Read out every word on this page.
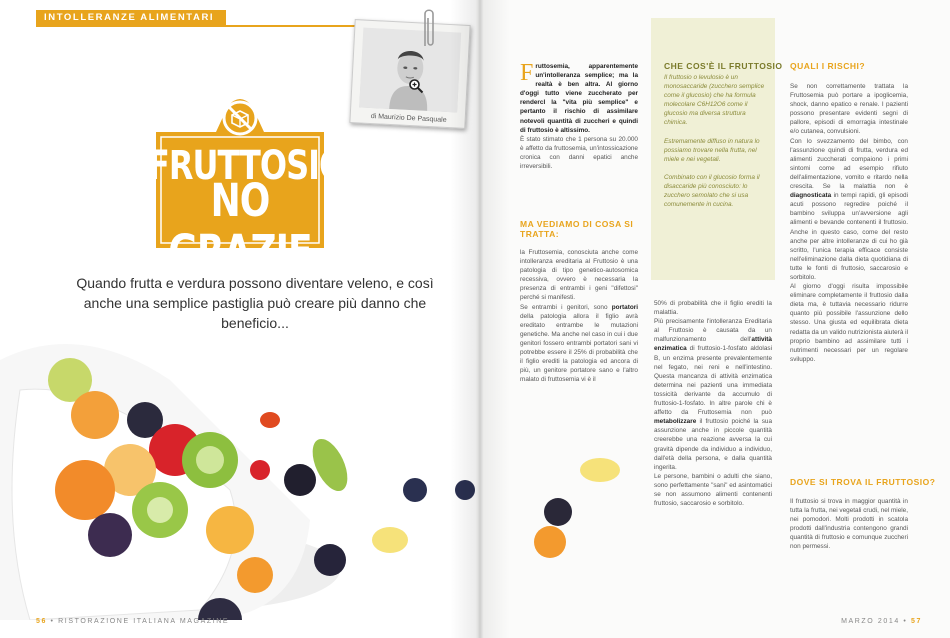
INTOLLERANZE ALIMENTARI
di Maurizio De Pasquale
FRUTTOSIO
NO GRAZIE
Quando frutta e verdura possono diventare veleno, e così anche una semplice pastiglia può creare più danno che beneficio...
56 • RISTORAZIONE ITALIANA MAGAZINE

Fruttosemia, apparentemente un'intolleranza semplice; ma la realtà è ben altra. Al giorno d'oggi tutto viene zuccherato per rendercI la "vita più semplice" e pertanto il rischio di assimilare notevoli quantità di zuccheri e quindi di fruttosio è altissimo.

È stato stimato che 1 persona su 20.000 è affetto da fruttosemia, un'intossicazione cronica con danni epatici anche irreversibili.

MA VEDIAMO DI COSA SI TRATTA:

la Fruttosemia, conosciuta anche come intolleranza ereditaria al Fruttosio è una patologia di tipo genetico-autosomica recessiva, ovvero è necessaria la presenza di entrambi i geni "difettosi" perché si manifesti.

Se entrambi i genitori, sono portatori della patologia allora il figlio avrà ereditato entrambe le mutazioni genetiche. Ma anche nel caso in cui i due genitori fossero entrambi portatori sani vi potrebbe essere il 25% di probabilità che il figlio erediti la patologia ed ancora di più, un genitore portatore sano e l'altro malato di fruttosemia vi è il

CHE COS'È IL FRUTTOSIO

Il fruttosio o levulosio è un monosaccaride (zucchero semplice come il glucosio) che ha formula molecolare C6H12O6 come il glucosio ma diversa struttura chimica.

Estremamente diffuso in natura lo possiamo trovare nella frutta, nel miele e nei vegetali.

Combinato con il glucosio forma il disaccaride più conosciuto: lo zucchero semolato che si usa comunemente in cucina.

50% di probabilità che il figlio erediti la malattia.

Più precisamente l'intolleranza Ereditaria al Fruttosio è causata da un malfunzionamento dell'attività enzimatica di fruttosio-1-fosfato aldolasi B, un enzima presente prevalentemente nel fegato, nei reni e nell'intestino. Questa mancanza di attività enzimatica determina nei pazienti una immediata tossicità derivante da accumulo di fruttosio-1-fosfato. In altre parole chi è affetto da Fruttosemia non può metabolizzare il fruttosio poiché la sua assunzione anche in piccole quantità creerebbe una reazione avversa la cui gravità dipende da individuo a individuo, dall'età della persona, e dalla quantità ingerita.

Le persone, bambini o adulti che siano, sono perfettamente "sani" ed asintomatici se non assumono alimenti contenenti fruttosio, saccarosio e sorbitolo.

QUALI I RISCHI?

Se non correttamente trattata la Fruttosemia può portare a ipoglicemia, shock, danno epatico e renale. I pazienti possono presentare evidenti segni di pallore, episodi di emorragia intestinale e/o cutanea, convulsioni.

Con lo svezzamento del bimbo, con l'assunzione quindi di frutta, verdura ed alimenti zuccherati compaiono i primi sintomi come ad esempio rifiuto dell'alimentazione, vomito e ritardo nella crescita. Se la malattia non è diagnosticata in tempi rapidi, gli episodi acuti possono regredire poiché il bambino sviluppa un'avversione agli alimenti e bevande contenenti il fruttosio. Anche in questo caso, come del resto anche per altre intolleranze di cui ho già scritto, l'unica terapia efficace consiste nell'eliminazione dalla dieta quotidiana di tutte le fonti di fruttosio, saccarosio e sorbitolo.

Al giorno d'oggi risulta impossibile eliminare completamente il fruttosio dalla dieta ma, è tuttavia necessario ridurre quanto più possibile l'assunzione dello stesso. Una giusta ed equilibrata dieta redatta da un valido nutrizionista aiuterà il proprio bambino ad assimilare tutti i nutrimenti necessari per un regolare sviluppo.

DOVE SI TROVA IL FRUTTOSIO?

Il fruttosio si trova in maggior quantità in tutta la frutta, nei vegetali crudi, nel miele, nei pomodori. Molti prodotti in scatola prodotti dall'industria contengono grandi quantità di fruttosio e comunque zuccheri non permessi.

MARZO 2014 • 57
